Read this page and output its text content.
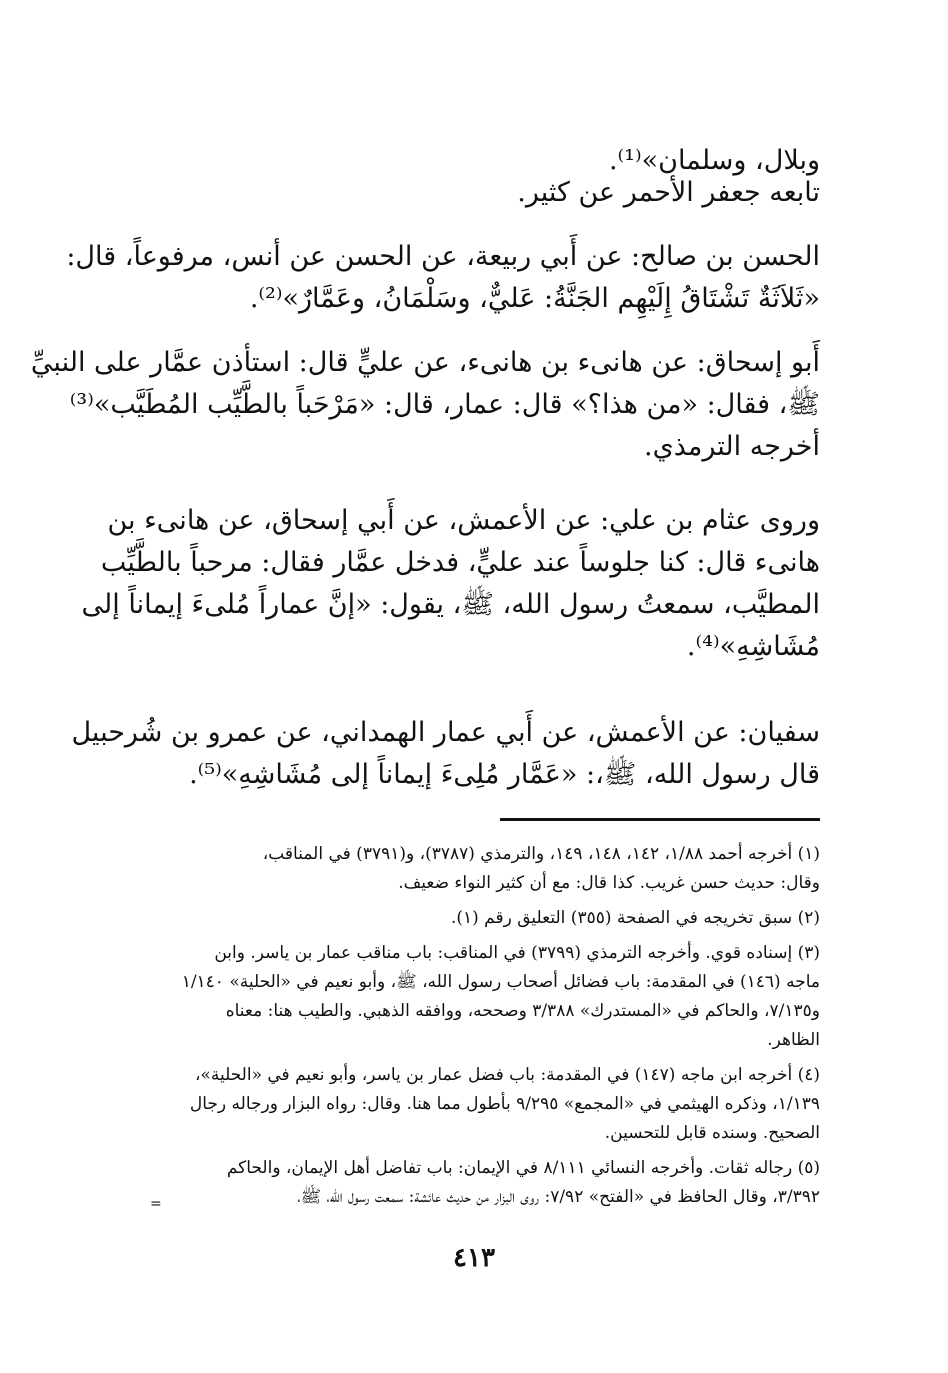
وبلال، وسلمان»⁽¹⁾.
تابعه جعفر الأحمر عن كثير.
الحسن بن صالح: عن أَبي ربيعة، عن الحسن عن أنس، مرفوعاً، قال:
«ثَلاَثَةٌ تَشْتَاقُ إِلَيْهِم الجَنَّةُ: عَليٌّ، وسَلْمَانُ، وعَمَّارٌ»⁽²⁾.
أَبو إسحاق: عن هانىء بن هانىء، عن عليٍّ قال: استأذن عمَّار على النبيِّ
ﷺ، فقال: «من هذا؟» قال: عمار، قال: «مَرْحَباً بالطَّيِّب المُطَيَّب»⁽³⁾
أخرجه الترمذي.
وروى عثام بن علي: عن الأعمش، عن أَبي إسحاق، عن هانىء بن
هانىء قال: كنا جلوساً عند عليٍّ، فدخل عمَّار فقال: مرحباً بالطَّيِّب
المطيَّب، سمعتُ رسول الله، ﷺ، يقول: «إنَّ عماراً مُلىءَ إيماناً إلى
مُشَاشِهِ»⁽⁴⁾.
سفيان: عن الأعمش، عن أَبي عمار الهمداني، عن عمرو بن شُرحبيل
قال رسول الله، ﷺ،: «عَمَّار مُلِىءَ إيماناً إلى مُشَاشِهِ»⁽⁵⁾.
(١) أخرجه أحمد ١/٨٨، ١٤٢، ١٤٨، ١٤٩، والترمذي (٣٧٨٧)، و(٣٧٩١) في المناقب،
وقال: حديث حسن غريب. كذا قال: مع أن كثير النواء ضعيف.
(٢) سبق تخريجه في الصفحة (٣٥٥) التعليق رقم (١).
(٣) إسناده قوي. وأخرجه الترمذي (٣٧٩٩) في المناقب: باب مناقب عمار بن ياسر. وابن
ماجه (١٤٦) في المقدمة: باب فضائل أصحاب رسول الله، ﷺ، وأبو نعيم في «الحلية» ١/١٤٠
و٧/١٣٥، والحاكم في «المستدرك» ٣/٣٨٨ وصححه، ووافقه الذهبي. والطيب هنا: معناه
الظاهر.
(٤) أخرجه ابن ماجه (١٤٧) في المقدمة: باب فضل عمار بن ياسر، وأبو نعيم في «الحلية»،
١/١٣٩، وذكره الهيثمي في «المجمع» ٩/٢٩٥ بأطول مما هنا. وقال: رواه البزار ورجاله رجال
الصحيح. وسنده قابل للتحسين.
(٥) رجاله ثقات. وأخرجه النسائي ٨/١١١ في الإيمان: باب تفاضل أهل الإيمان، والحاكم
٣/٣٩٢، وقال الحافظ في «الفتح» ٧/٩٢: روى البزار من حديث عائشة: سمعت رسول الله، ﷺ،
=
٤١٣
